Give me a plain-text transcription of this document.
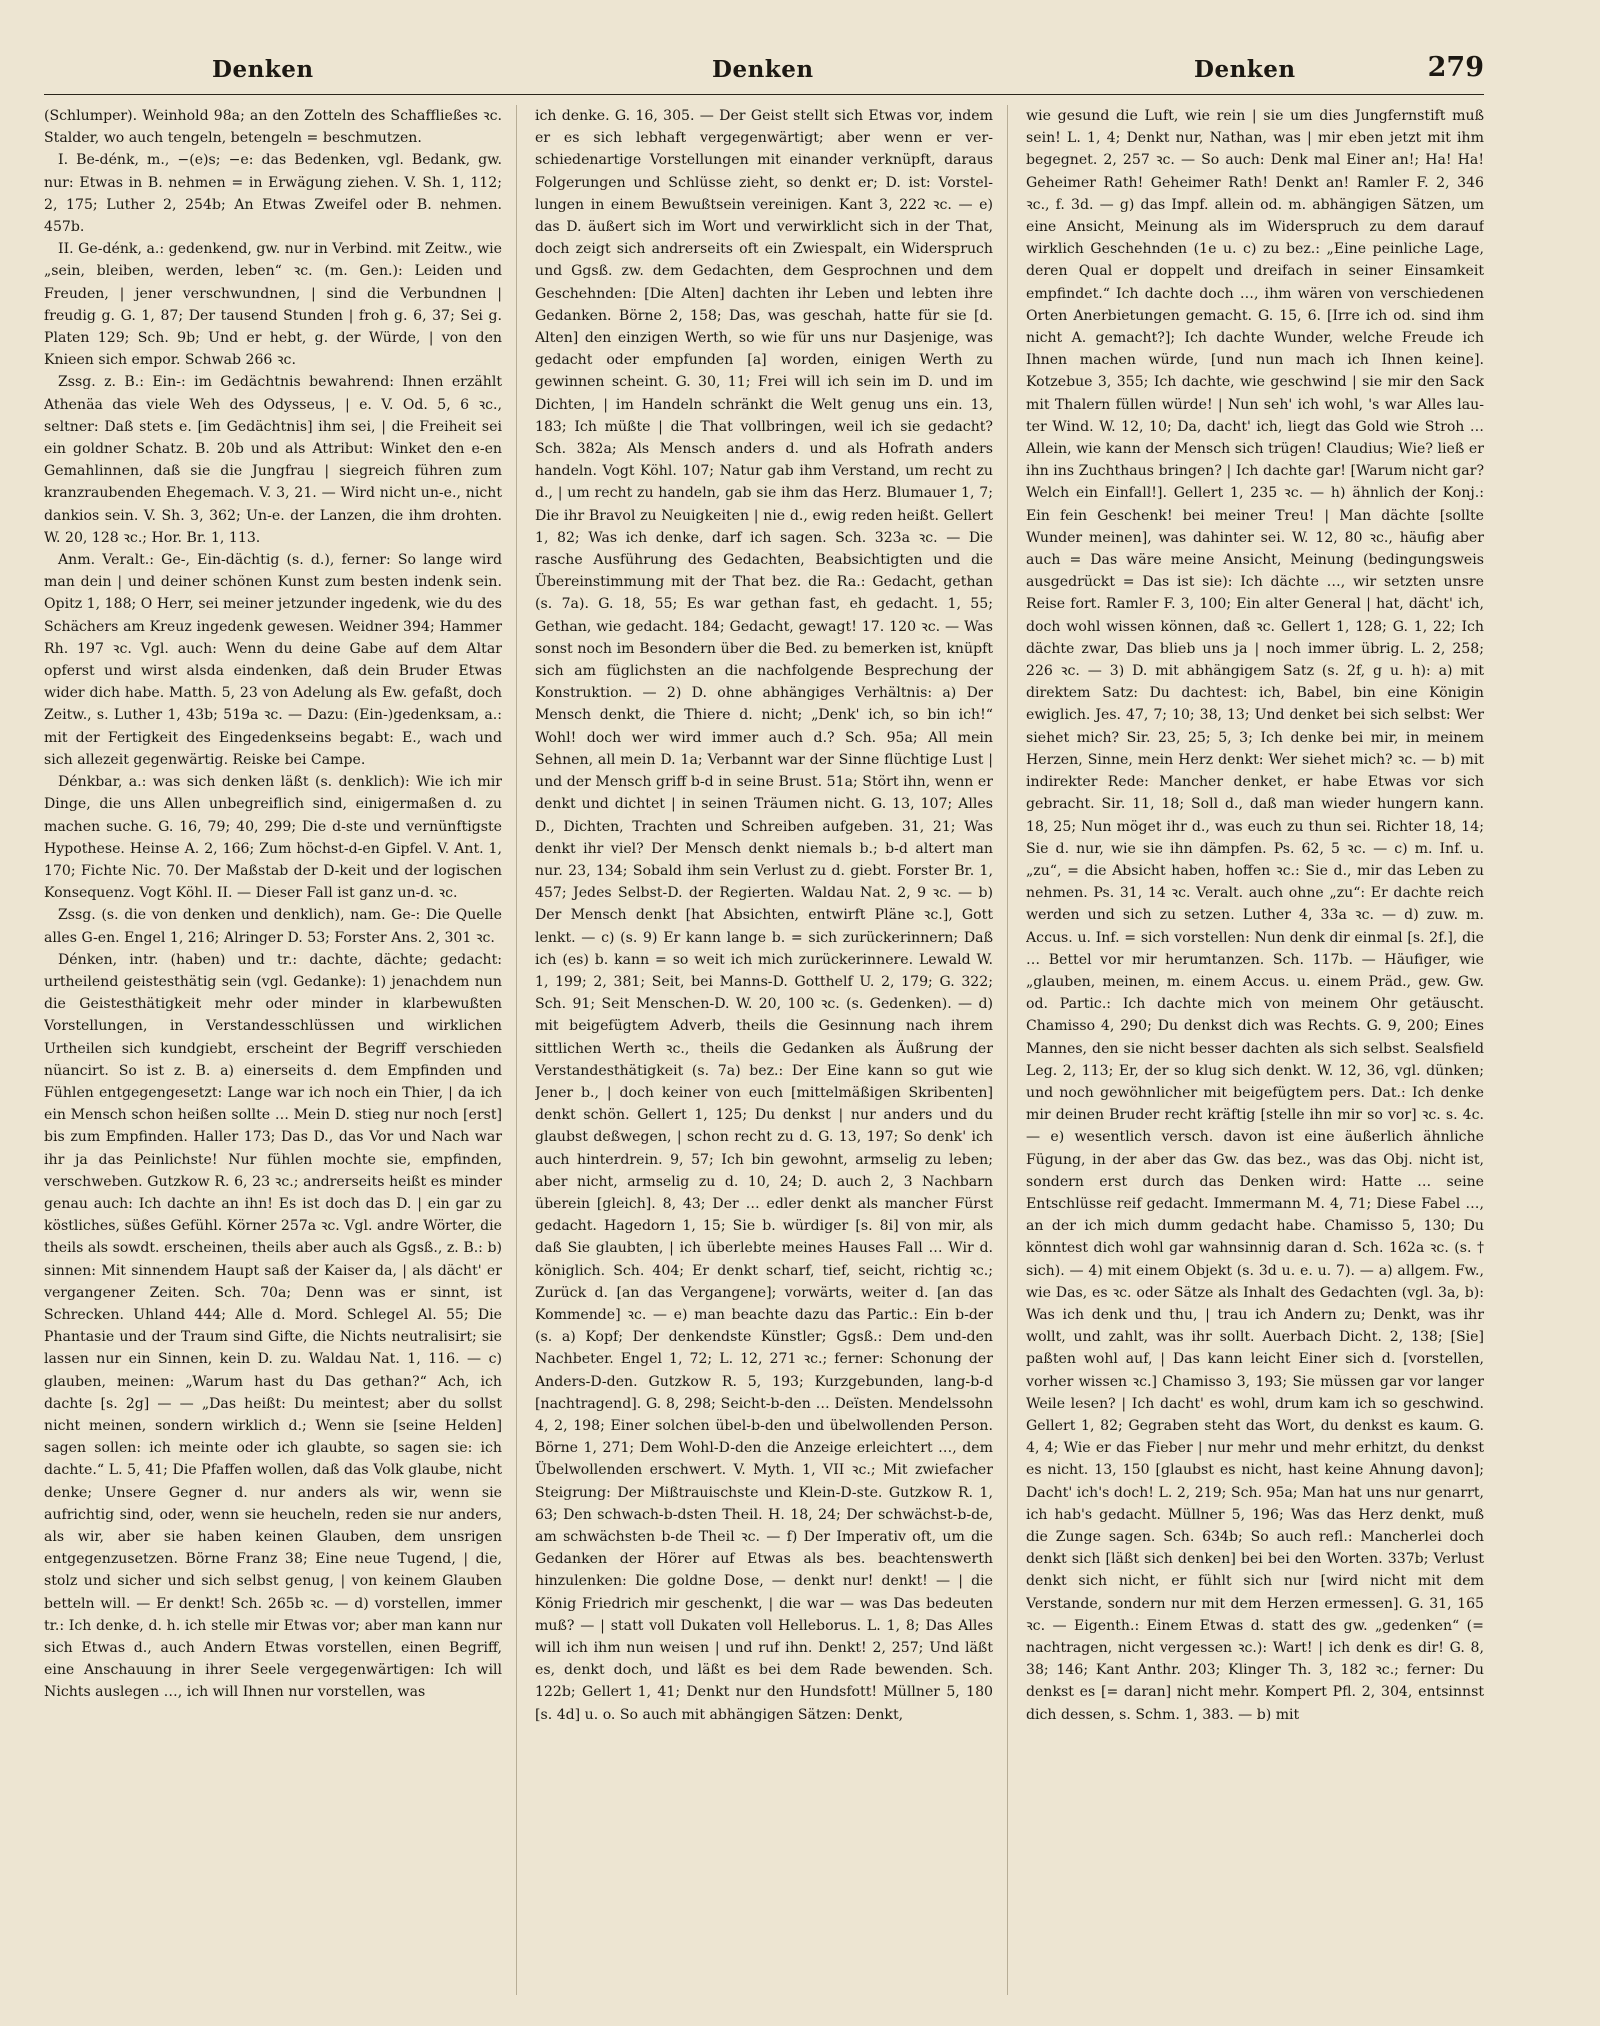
Denken	Denken	Denken	279

(Schlumper). Weinhold 98a; an den Zotteln des Schaffließes ꝛc. Stalder, wo auch tengeln, betengeln = beschmutzen.

I. Be-dénk, m., −(e)s; −e: das Bedenken, vgl. Bedank, gw. nur: Etwas in B. nehmen = in Erwägung ziehen. V. Sh. 1, 112; 2, 175; Luther 2, 254b; An Etwas Zweifel oder B. nehmen. 457b.

II. Ge-dénk, a.: gedenkend, gw. nur in Verbind. mit Zeitw., wie „sein, bleiben, werden, leben“ ꝛc. (m. Gen.): Leiden und Freuden, | jener verschwundnen, | sind die Verbundnen | freudig g. G. 1, 87; Der tausend Stunden | froh g. 6, 37; Sei g. Platen 129; Sch. 9b; Und er hebt, g. der Würde, | von den Knieen sich empor. Schwab 266 ꝛc.

Zssg. z. B.: Ein-: im Gedächtnis bewahrend: Ihnen erzählt Athenäa das viele Weh des Odysseus, | e. V. Od. 5, 6 ꝛc., seltner: Daß stets e. [im Gedächtnis] ihm sei, | die Freiheit sei ein goldner Schatz. B. 20b und als Attribut: Winket den e-en Gemahlinnen, daß sie die Jungfrau | siegreich führen zum kranzraubenden Ehegemach. V. 3, 21. — Wird nicht un-e., nicht dankios sein. V. Sh. 3, 362; Un-e. der Lanzen, die ihm drohten. W. 20, 128 ꝛc.; Hor. Br. 1, 113.

Anm. Veralt.: Ge-, Ein-dächtig (s. d.), ferner: So lange wird man dein | und deiner schönen Kunst zum besten indenk sein. Opitz 1, 188; O Herr, sei meiner jetzunder ingedenk, wie du des Schächers am Kreuz ingedenk gewesen. Weidner 394; Hammer Rh. 197 ꝛc. Vgl. auch: Wenn du deine Gabe auf dem Altar opferst und wirst alsda eindenken, daß dein Bruder Etwas wider dich habe. Matth. 5, 23 von Adelung als Ew. gefaßt, doch Zeitw., s. Luther 1, 43b; 519a ꝛc. — Dazu: (Ein-)gedenksam, a.: mit der Fertigkeit des Eingedenkseins begabt: E., wach und sich allezeit gegenwärtig. Reiske bei Campe.

Dénkbar, a.: was sich denken läßt (s. denklich): Wie ich mir Dinge, die uns Allen unbegreiflich sind, einigermaßen d. zu machen suche. G. 16, 79; 40, 299; Die d-ste und vernünftigste Hypothese. Heinse A. 2, 166; Zum höchst-d-en Gipfel. V. Ant. 1, 170; Fichte Nic. 70. Der Maßstab der D-keit und der logischen Konsequenz. Vogt Köhl. II. — Dieser Fall ist ganz un-d. ꝛc.

Zssg. (s. die von denken und denklich), nam. Ge-: Die Quelle alles G-en. Engel 1, 216; Alringer D. 53; Forster Ans. 2, 301 ꝛc.

Dénken, intr. (haben) und tr.: dachte, dächte; gedacht: urtheilend geistesthätig sein (vgl. Gedanke): 1) jenachdem nun die Geistesthätigkeit mehr oder minder in klarbewußten Vorstellungen, in Verstandesschlüssen und wirklichen Urtheilen sich kundgiebt, erscheint der Begriff verschieden nüancirt. So ist z. B. a) einerseits d. dem Empfinden und Fühlen entgegengesetzt: Lange war ich noch ein Thier, | da ich ein Mensch schon heißen sollte … Mein D. stieg nur noch [erst] bis zum Empfinden. Haller 173; Das D., das Vor und Nach war ihr ja das Peinlichste! Nur fühlen mochte sie, empfinden, verschweben. Gutzkow R. 6, 23 ꝛc.; andrerseits heißt es minder genau auch: Ich dachte an ihn! Es ist doch das D. | ein gar zu köstliches, süßes Gefühl. Körner 257a ꝛc. Vgl. andre Wörter, die theils als sowdt. erscheinen, theils aber auch als Ggsß., z. B.: b) sinnen: Mit sinnendem Haupt saß der Kaiser da, | als dächt' er vergangener Zeiten. Sch. 70a; Denn was er sinnt, ist Schrecken. Uhland 444; Alle d. Mord. Schlegel Al. 55; Die Phantasie und der Traum sind Gifte, die Nichts neutralisirt; sie lassen nur ein Sinnen, kein D. zu. Waldau Nat. 1, 116. — c) glauben, meinen: „Warum hast du Das gethan?“ Ach, ich dachte [s. 2g] — — „Das heißt: Du meintest; aber du sollst nicht meinen, sondern wirklich d.; Wenn sie [seine Helden] sagen sollen: ich meinte oder ich glaubte, so sagen sie: ich dachte.“ L. 5, 41; Die Pfaffen wollen, daß das Volk glaube, nicht denke; Unsere Gegner d. nur anders als wir, wenn sie aufrichtig sind, oder, wenn sie heucheln, reden sie nur anders, als wir, aber sie haben keinen Glauben, dem unsrigen entgegenzusetzen. Börne Franz 38; Eine neue Tugend, | die, stolz und sicher und sich selbst genug, | von keinem Glauben betteln will. — Er denkt! Sch. 265b ꝛc. — d) vorstellen, immer tr.: Ich denke, d. h. ich stelle mir Etwas vor; aber man kann nur sich Etwas d., auch Andern Etwas vorstellen, einen Begriff, eine Anschauung in ihrer Seele vergegenwärtigen: Ich will Nichts auslegen …, ich will Ihnen nur vorstellen, was

ich denke. G. 16, 305. — Der Geist stellt sich Etwas vor, indem er es sich lebhaft vergegenwärtigt; aber wenn er verschiedenartige Vorstellungen mit einander verknüpft, daraus Folgerungen und Schlüsse zieht, so denkt er; D. ist: Vorstellungen in einem Bewußtsein vereinigen. Kant 3, 222 ꝛc. — e) das D. äußert sich im Wort und verwirklicht sich in der That, doch zeigt sich andrerseits oft ein Zwiespalt, ein Widerspruch und Ggsß. zw. dem Gedachten, dem Gesprochnen und dem Geschehnden: [Die Alten] dachten ihr Leben und lebten ihre Gedanken. Börne 2, 158; Das, was geschah, hatte für sie [d. Alten] den einzigen Werth, so wie für uns nur Dasjenige, was gedacht oder empfunden [a] worden, einigen Werth zu gewinnen scheint. G. 30, 11; Frei will ich sein im D. und im Dichten, | im Handeln schränkt die Welt genug uns ein. 13, 183; Ich müßte | die That vollbringen, weil ich sie gedacht? Sch. 382a; Als Mensch anders d. und als Hofrath anders handeln. Vogt Köhl. 107; Natur gab ihm Verstand, um recht zu d., | um recht zu handeln, gab sie ihm das Herz. Blumauer 1, 7; Die ihr Bravol zu Neuigkeiten | nie d., ewig reden heißt. Gellert 1, 82; Was ich denke, darf ich sagen. Sch. 323a ꝛc. — Die rasche Ausführung des Gedachten, Beabsichtigten und die Übereinstimmung mit der That bez. die Ra.: Gedacht, gethan (s. 7a). G. 18, 55; Es war gethan fast, eh gedacht. 1, 55; Gethan, wie gedacht. 184; Gedacht, gewagt! 17. 120 ꝛc. — Was sonst noch im Besondern über die Bed. zu bemerken ist, knüpft sich am füglichsten an die nachfolgende Besprechung der Konstruktion. — 2) D. ohne abhängiges Verhältnis: a) Der Mensch denkt, die Thiere d. nicht; „Denk' ich, so bin ich!“ Wohl! doch wer wird immer auch d.? Sch. 95a; All mein Sehnen, all mein D. 1a; Verbannt war der Sinne flüchtige Lust | und der Mensch griff b-d in seine Brust. 51a; Stört ihn, wenn er denkt und dichtet | in seinen Träumen nicht. G. 13, 107; Alles D., Dichten, Trachten und Schreiben aufgeben. 31, 21; Was denkt ihr viel? Der Mensch denkt niemals b.; b-d altert man nur. 23, 134; Sobald ihm sein Verlust zu d. giebt. Forster Br. 1, 457; Jedes Selbst-D. der Regierten. Waldau Nat. 2, 9 ꝛc. — b) Der Mensch denkt [hat Absichten, entwirft Pläne ꝛc.], Gott lenkt. — c) (s. 9) Er kann lange b. = sich zurückerinnern; Daß ich (es) b. kann = so weit ich mich zurückerinnere. Lewald W. 1, 199; 2, 381; Seit, bei Manns-D. Gotthelf U. 2, 179; G. 322; Sch. 91; Seit Menschen-D. W. 20, 100 ꝛc. (s. Gedenken). — d) mit beigefügtem Adverb, theils die Gesinnung nach ihrem sittlichen Werth ꝛc., theils die Gedanken als Äußrung der Verstandesthätigkeit (s. 7a) bez.: Der Eine kann so gut wie Jener b., | doch keiner von euch [mittelmäßigen Skribenten] denkt schön. Gellert 1, 125; Du denkst | nur anders und du glaubst deßwegen, | schon recht zu d. G. 13, 197; So denk' ich auch hinterdrein. 9, 57; Ich bin gewohnt, armselig zu leben; aber nicht, armselig zu d. 10, 24; D. auch 2, 3 Nachbarn überein [gleich]. 8, 43; Der … edler denkt als mancher Fürst gedacht. Hagedorn 1, 15; Sie b. würdiger [s. 8i] von mir, als daß Sie glaubten, | ich überlebte meines Hauses Fall … Wir d. königlich. Sch. 404; Er denkt scharf, tief, seicht, richtig ꝛc.; Zurück d. [an das Vergangene]; vorwärts, weiter d. [an das Kommende] ꝛc. — e) man beachte dazu das Partic.: Ein b-der (s. a) Kopf; Der denkendste Künstler; Ggsß.: Dem und-den Nachbeter. Engel 1, 72; L. 12, 271 ꝛc.; ferner: Schonung der Anders-D-den. Gutzkow R. 5, 193; Kurzgebunden, lang-b-d [nachtragend]. G. 8, 298; Seicht-b-den … Deïsten. Mendelssohn 4, 2, 198; Einer solchen übel-b-den und übelwollenden Person. Börne 1, 271; Dem Wohl-D-den die Anzeige erleichtert …, dem Übelwollenden erschwert. V. Myth. 1, VII ꝛc.; Mit zwiefacher Steigrung: Der Mißtrauischste und Klein-D-ste. Gutzkow R. 1, 63; Den schwach-b-dsten Theil. H. 18, 24; Der schwächst-b-de, am schwächsten b-de Theil ꝛc. — f) Der Imperativ oft, um die Gedanken der Hörer auf Etwas als bes. beachtenswerth hinzulenken: Die goldne Dose, — denkt nur! denkt! — | die König Friedrich mir geschenkt, | die war — was Das bedeuten muß? — | statt voll Dukaten voll Helleborus. L. 1, 8; Das Alles will ich ihm nun weisen | und ruf ihn. Denkt! 2, 257; Und läßt es, denkt doch, und läßt es bei dem Rade bewenden. Sch. 122b; Gellert 1, 41; Denkt nur den Hundsfott! Müllner 5, 180 [s. 4d] u. o. So auch mit abhängigen Sätzen: Denkt,

wie gesund die Luft, wie rein | sie um dies Jungfernstift muß sein! L. 1, 4; Denkt nur, Nathan, was | mir eben jetzt mit ihm begegnet. 2, 257 ꝛc. — So auch: Denk mal Einer an!; Ha! Ha! Geheimer Rath! Geheimer Rath! Denkt an! Ramler F. 2, 346 ꝛc., f. 3d. — g) das Impf. allein od. m. abhängigen Sätzen, um eine Ansicht, Meinung als im Widerspruch zu dem darauf wirklich Geschehnden (1e u. c) zu bez.: „Eine peinliche Lage, deren Qual er doppelt und dreifach in seiner Einsamkeit empfindet.“ Ich dachte doch …, ihm wären von verschiedenen Orten Anerbietungen gemacht. G. 15, 6. [Irre ich od. sind ihm nicht A. gemacht?]; Ich dachte Wunder, welche Freude ich Ihnen machen würde, [und nun mach ich Ihnen keine]. Kotzebue 3, 355; Ich dachte, wie geschwind | sie mir den Sack mit Thalern füllen würde! | Nun seh' ich wohl, 's war Alles lauter Wind. W. 12, 10; Da, dacht' ich, liegt das Gold wie Stroh … Allein, wie kann der Mensch sich trügen! Claudius; Wie? ließ er ihn ins Zuchthaus bringen? | Ich dachte gar! [Warum nicht gar? Welch ein Einfall!]. Gellert 1, 235 ꝛc. — h) ähnlich der Konj.: Ein fein Geschenk! bei meiner Treu! | Man dächte [sollte Wunder meinen], was dahinter sei. W. 12, 80 ꝛc., häufig aber auch = Das wäre meine Ansicht, Meinung (bedingungsweis ausgedrückt = Das ist sie): Ich dächte …, wir setzten unsre Reise fort. Ramler F. 3, 100; Ein alter General | hat, dächt' ich, doch wohl wissen können, daß ꝛc. Gellert 1, 128; G. 1, 22; Ich dächte zwar, Das blieb uns ja | noch immer übrig. L. 2, 258; 226 ꝛc. — 3) D. mit abhängigem Satz (s. 2f, g u. h): a) mit direktem Satz: Du dachtest: ich, Babel, bin eine Königin ewiglich. Jes. 47, 7; 10; 38, 13; Und denket bei sich selbst: Wer siehet mich? Sir. 23, 25; 5, 3; Ich denke bei mir, in meinem Herzen, Sinne, mein Herz denkt: Wer siehet mich? ꝛc. — b) mit indirekter Rede: Mancher denket, er habe Etwas vor sich gebracht. Sir. 11, 18; Soll d., daß man wieder hungern kann. 18, 25; Nun möget ihr d., was euch zu thun sei. Richter 18, 14; Sie d. nur, wie sie ihn dämpfen. Ps. 62, 5 ꝛc. — c) m. Inf. u. „zu“, = die Absicht haben, hoffen ꝛc.: Sie d., mir das Leben zu nehmen. Ps. 31, 14 ꝛc. Veralt. auch ohne „zu“: Er dachte reich werden und sich zu setzen. Luther 4, 33a ꝛc. — d) zuw. m. Accus. u. Inf. = sich vorstellen: Nun denk dir einmal [s. 2f.], die … Bettel vor mir herumtanzen. Sch. 117b. — Häufiger, wie „glauben, meinen, m. einem Accus. u. einem Präd., gew. Gw. od. Partic.: Ich dachte mich von meinem Ohr getäuscht. Chamisso 4, 290; Du denkst dich was Rechts. G. 9, 200; Eines Mannes, den sie nicht besser dachten als sich selbst. Sealsfield Leg. 2, 113; Er, der so klug sich denkt. W. 12, 36, vgl. dünken; und noch gewöhnlicher mit beigefügtem pers. Dat.: Ich denke mir deinen Bruder recht kräftig [stelle ihn mir so vor] ꝛc. s. 4c. — e) wesentlich versch. davon ist eine äußerlich ähnliche Fügung, in der aber das Gw. das bez., was das Obj. nicht ist, sondern erst durch das Denken wird: Hatte … seine Entschlüsse reif gedacht. Immermann M. 4, 71; Diese Fabel …, an der ich mich dumm gedacht habe. Chamisso 5, 130; Du könntest dich wohl gar wahnsinnig daran d. Sch. 162a ꝛc. (s. † sich). — 4) mit einem Objekt (s. 3d u. e. u. 7). — a) allgem. Fw., wie Das, es ꝛc. oder Sätze als Inhalt des Gedachten (vgl. 3a, b): Was ich denk und thu, | trau ich Andern zu; Denkt, was ihr wollt, und zahlt, was ihr sollt. Auerbach Dicht. 2, 138; [Sie] paßten wohl auf, | Das kann leicht Einer sich d. [vorstellen, vorher wissen ꝛc.] Chamisso 3, 193; Sie müssen gar vor langer Weile lesen? | Ich dacht' es wohl, drum kam ich so geschwind. Gellert 1, 82; Gegraben steht das Wort, du denkst es kaum. G. 4, 4; Wie er das Fieber | nur mehr und mehr erhitzt, du denkst es nicht. 13, 150 [glaubst es nicht, hast keine Ahnung davon]; Dacht' ich's doch! L. 2, 219; Sch. 95a; Man hat uns nur genarrt, ich hab's gedacht. Müllner 5, 196; Was das Herz denkt, muß die Zunge sagen. Sch. 634b; So auch refl.: Mancherlei doch denkt sich [läßt sich denken] bei bei den Worten. 337b; Verlust denkt sich nicht, er fühlt sich nur [wird nicht mit dem Verstande, sondern nur mit dem Herzen ermessen]. G. 31, 165 ꝛc. — Eigenth.: Einem Etwas d. statt des gw. „gedenken“ (= nachtragen, nicht vergessen ꝛc.): Wart! | ich denk es dir! G. 8, 38; 146; Kant Anthr. 203; Klinger Th. 3, 182 ꝛc.; ferner: Du denkst es [= daran] nicht mehr. Kompert Pfl. 2, 304, entsinnst dich dessen, s. Schm. 1, 383. — b) mit
